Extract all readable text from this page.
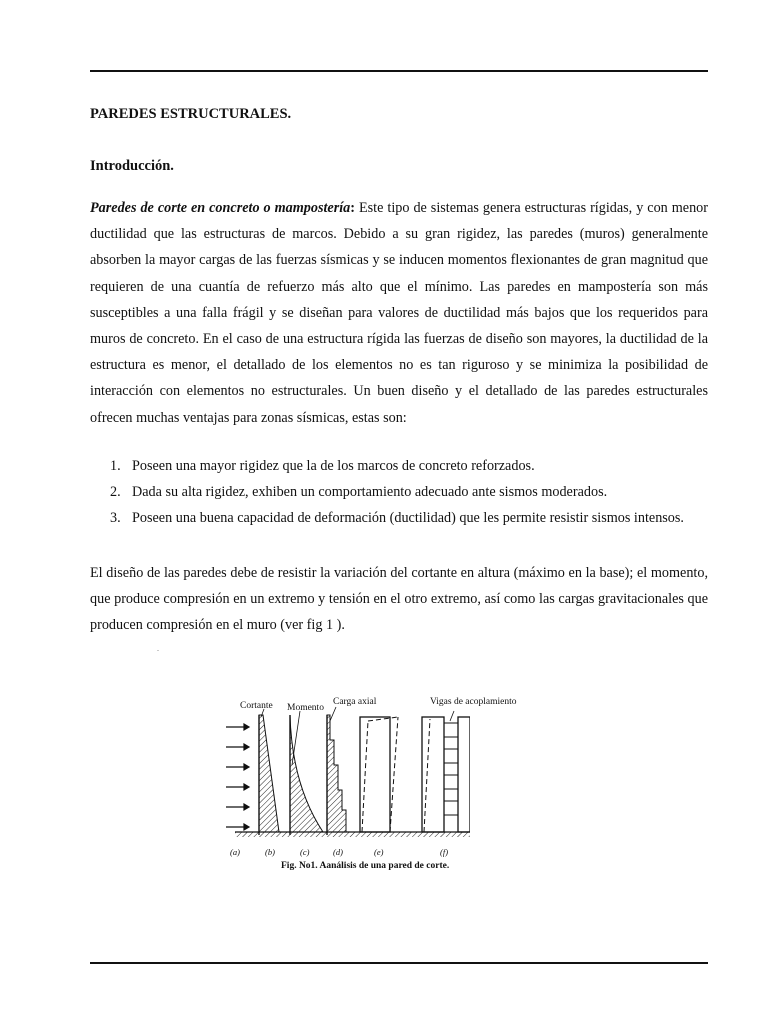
PAREDES ESTRUCTURALES.

Introducción.

Paredes de corte en concreto o mampostería: Este tipo de sistemas genera estructuras rígidas, y con menor ductilidad que las estructuras de marcos. Debido a su gran rigidez, las paredes (muros) generalmente absorben la mayor cargas de las fuerzas sísmicas y se inducen momentos flexionantes de gran magnitud que requieren de una cuantía de refuerzo más alto que el mínimo. Las paredes en mampostería son más susceptibles a una falla frágil y se diseñan para valores de ductilidad más bajos que los requeridos para muros de concreto. En el caso de una estructura rígida las fuerzas de diseño son mayores, la ductilidad de la estructura es menor, el detallado de los elementos no es tan riguroso y se minimiza la posibilidad de interacción con elementos no estructurales. Un buen diseño y el detallado de las paredes estructurales ofrecen muchas ventajas para zonas sísmicas, estas son:

1. Poseen una mayor rigidez que la de los marcos de concreto reforzados.
2. Dada su alta rigidez, exhiben un comportamiento adecuado ante sismos moderados.
3. Poseen una buena capacidad de deformación (ductilidad) que les permite resistir sismos intensos.

El diseño de las paredes debe de resistir la variación del cortante en altura (máximo en la base); el momento, que produce compresión en un extremo y tensión en el otro extremo, así como las cargas gravitacionales que producen compresión en el muro (ver fig 1 ).

.
Cortante Momento
Carga axial	Vigas de acoplamiento
(a)	(b)	(c)	(d)	(e)	(f)
Fig. No1. Aanálisis de una pared de corte.
